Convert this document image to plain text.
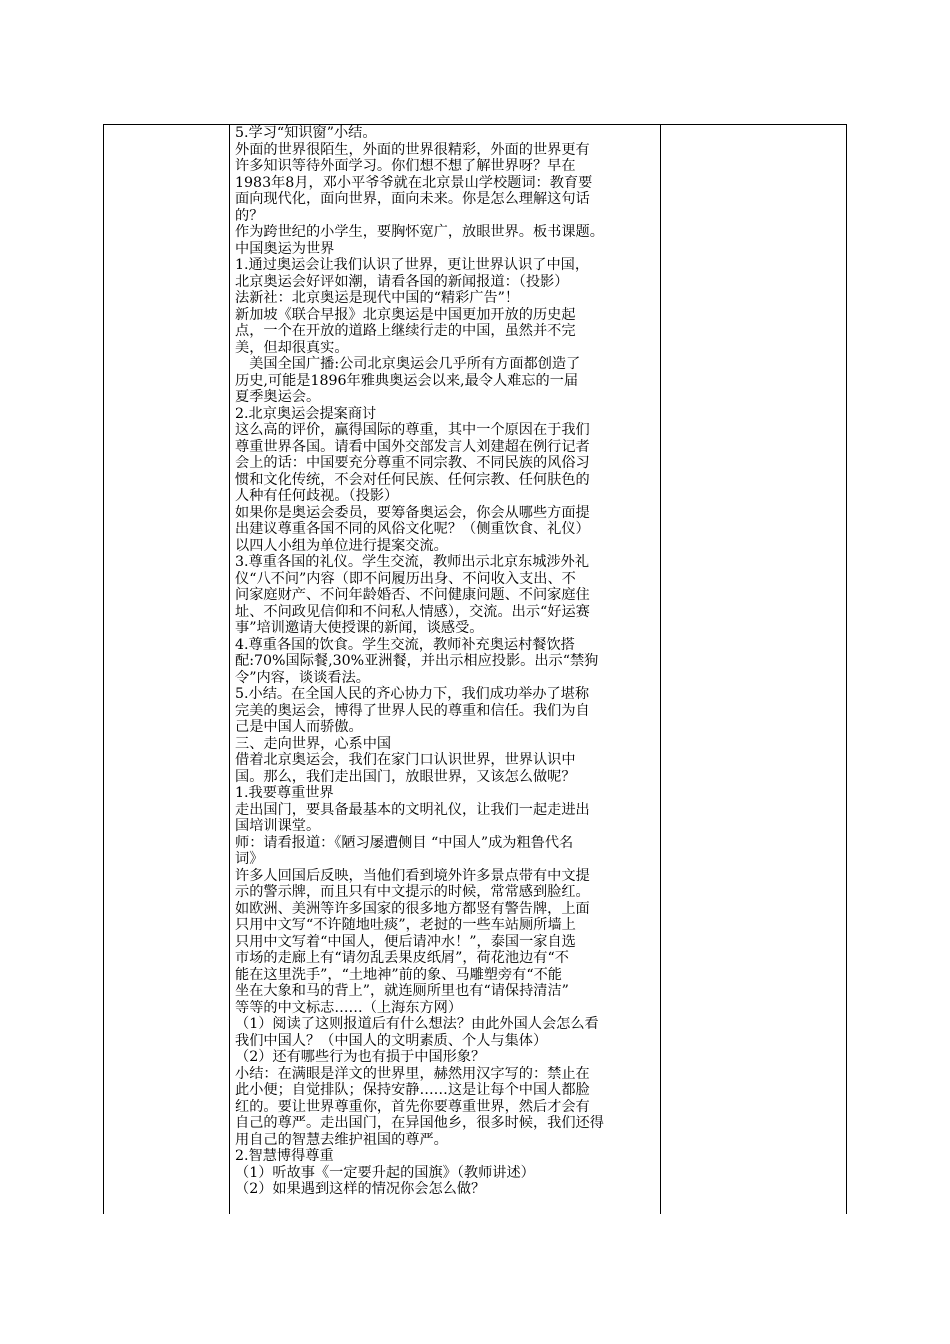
5.学习“知识窗”小结。
外面的世界很陌生，外面的世界很精彩，外面的世界更有
许多知识等待外面学习。你们想不想了解世界呀？早在
1983年8月，邓小平爷爷就在北京景山学校题词：教育要
面向现代化，面向世界，面向未来。你是怎么理解这句话
的？
作为跨世纪的小学生，要胸怀宽广，放眼世界。板书课题。
中国奥运为世界
1.通过奥运会让我们认识了世界，更让世界认识了中国，
北京奥运会好评如潮，请看各国的新闻报道：（投影）
法新社：北京奥运是现代中国的“精彩广告”！
新加坡《联合早报》北京奥运是中国更加开放的历史起
点，一个在开放的道路上继续行走的中国，虽然并不完
美，但却很真实。
　美国全国广播:公司北京奥运会几乎所有方面都创造了
历史,可能是1896年雅典奥运会以来,最令人难忘的一届
夏季奥运会。
2.北京奥运会提案商讨
这么高的评价，赢得国际的尊重，其中一个原因在于我们
尊重世界各国。请看中国外交部发言人刘建超在例行记者
会上的话：中国要充分尊重不同宗教、不同民族的风俗习
惯和文化传统，不会对任何民族、任何宗教、任何肤色的
人种有任何歧视。（投影）
如果你是奥运会委员，要筹备奥运会，你会从哪些方面提
出建议尊重各国不同的风俗文化呢？（侧重饮食、礼仪）
以四人小组为单位进行提案交流。
3.尊重各国的礼仪。学生交流，教师出示北京东城涉外礼
仪“八不问”内容（即不问履历出身、不问收入支出、不
问家庭财产、不问年龄婚否、不问健康问题、不问家庭住
址、不问政见信仰和不问私人情感），交流。出示“好运赛
事”培训邀请大使授课的新闻，谈感受。
4.尊重各国的饮食。学生交流，教师补充奥运村餐饮搭
配:70%国际餐,30%亚洲餐，并出示相应投影。出示“禁狗
令”内容，谈谈看法。
5.小结。在全国人民的齐心协力下，我们成功举办了堪称
完美的奥运会，博得了世界人民的尊重和信任。我们为自
己是中国人而骄傲。
三、走向世界，心系中国
借着北京奥运会，我们在家门口认识世界，世界认识中
国。那么，我们走出国门，放眼世界，又该怎么做呢？
1.我要尊重世界
走出国门，要具备最基本的文明礼仪，让我们一起走进出
国培训课堂。
师：请看报道：《陋习屡遭侧目 “中国人”成为粗鲁代名
词》
许多人回国后反映，当他们看到境外许多景点带有中文提
示的警示牌，而且只有中文提示的时候，常常感到脸红。
如欧洲、美洲等许多国家的很多地方都竖有警告牌，上面
只用中文写“不许随地吐痰”，老挝的一些车站厕所墙上
只用中文写着“中国人，便后请冲水！”，泰国一家自选
市场的走廊上有“请勿乱丢果皮纸屑”，荷花池边有“不
能在这里洗手”，“土地神”前的象、马雕塑旁有“不能
坐在大象和马的背上”，就连厕所里也有“请保持清洁”
等等的中文标志……（上海东方网）
（1）阅读了这则报道后有什么想法？由此外国人会怎么看
我们中国人？（中国人的文明素质、个人与集体）
（2）还有哪些行为也有损于中国形象？
小结：在满眼是洋文的世界里，赫然用汉字写的：禁止在
此小便；自觉排队；保持安静……这是让每个中国人都脸
红的。要让世界尊重你，首先你要尊重世界，然后才会有
自己的尊严。走出国门，在异国他乡，很多时候，我们还得
用自己的智慧去维护祖国的尊严。
2.智慧博得尊重
（1）听故事《一定要升起的国旗》（教师讲述）
（2）如果遇到这样的情况你会怎么做？
